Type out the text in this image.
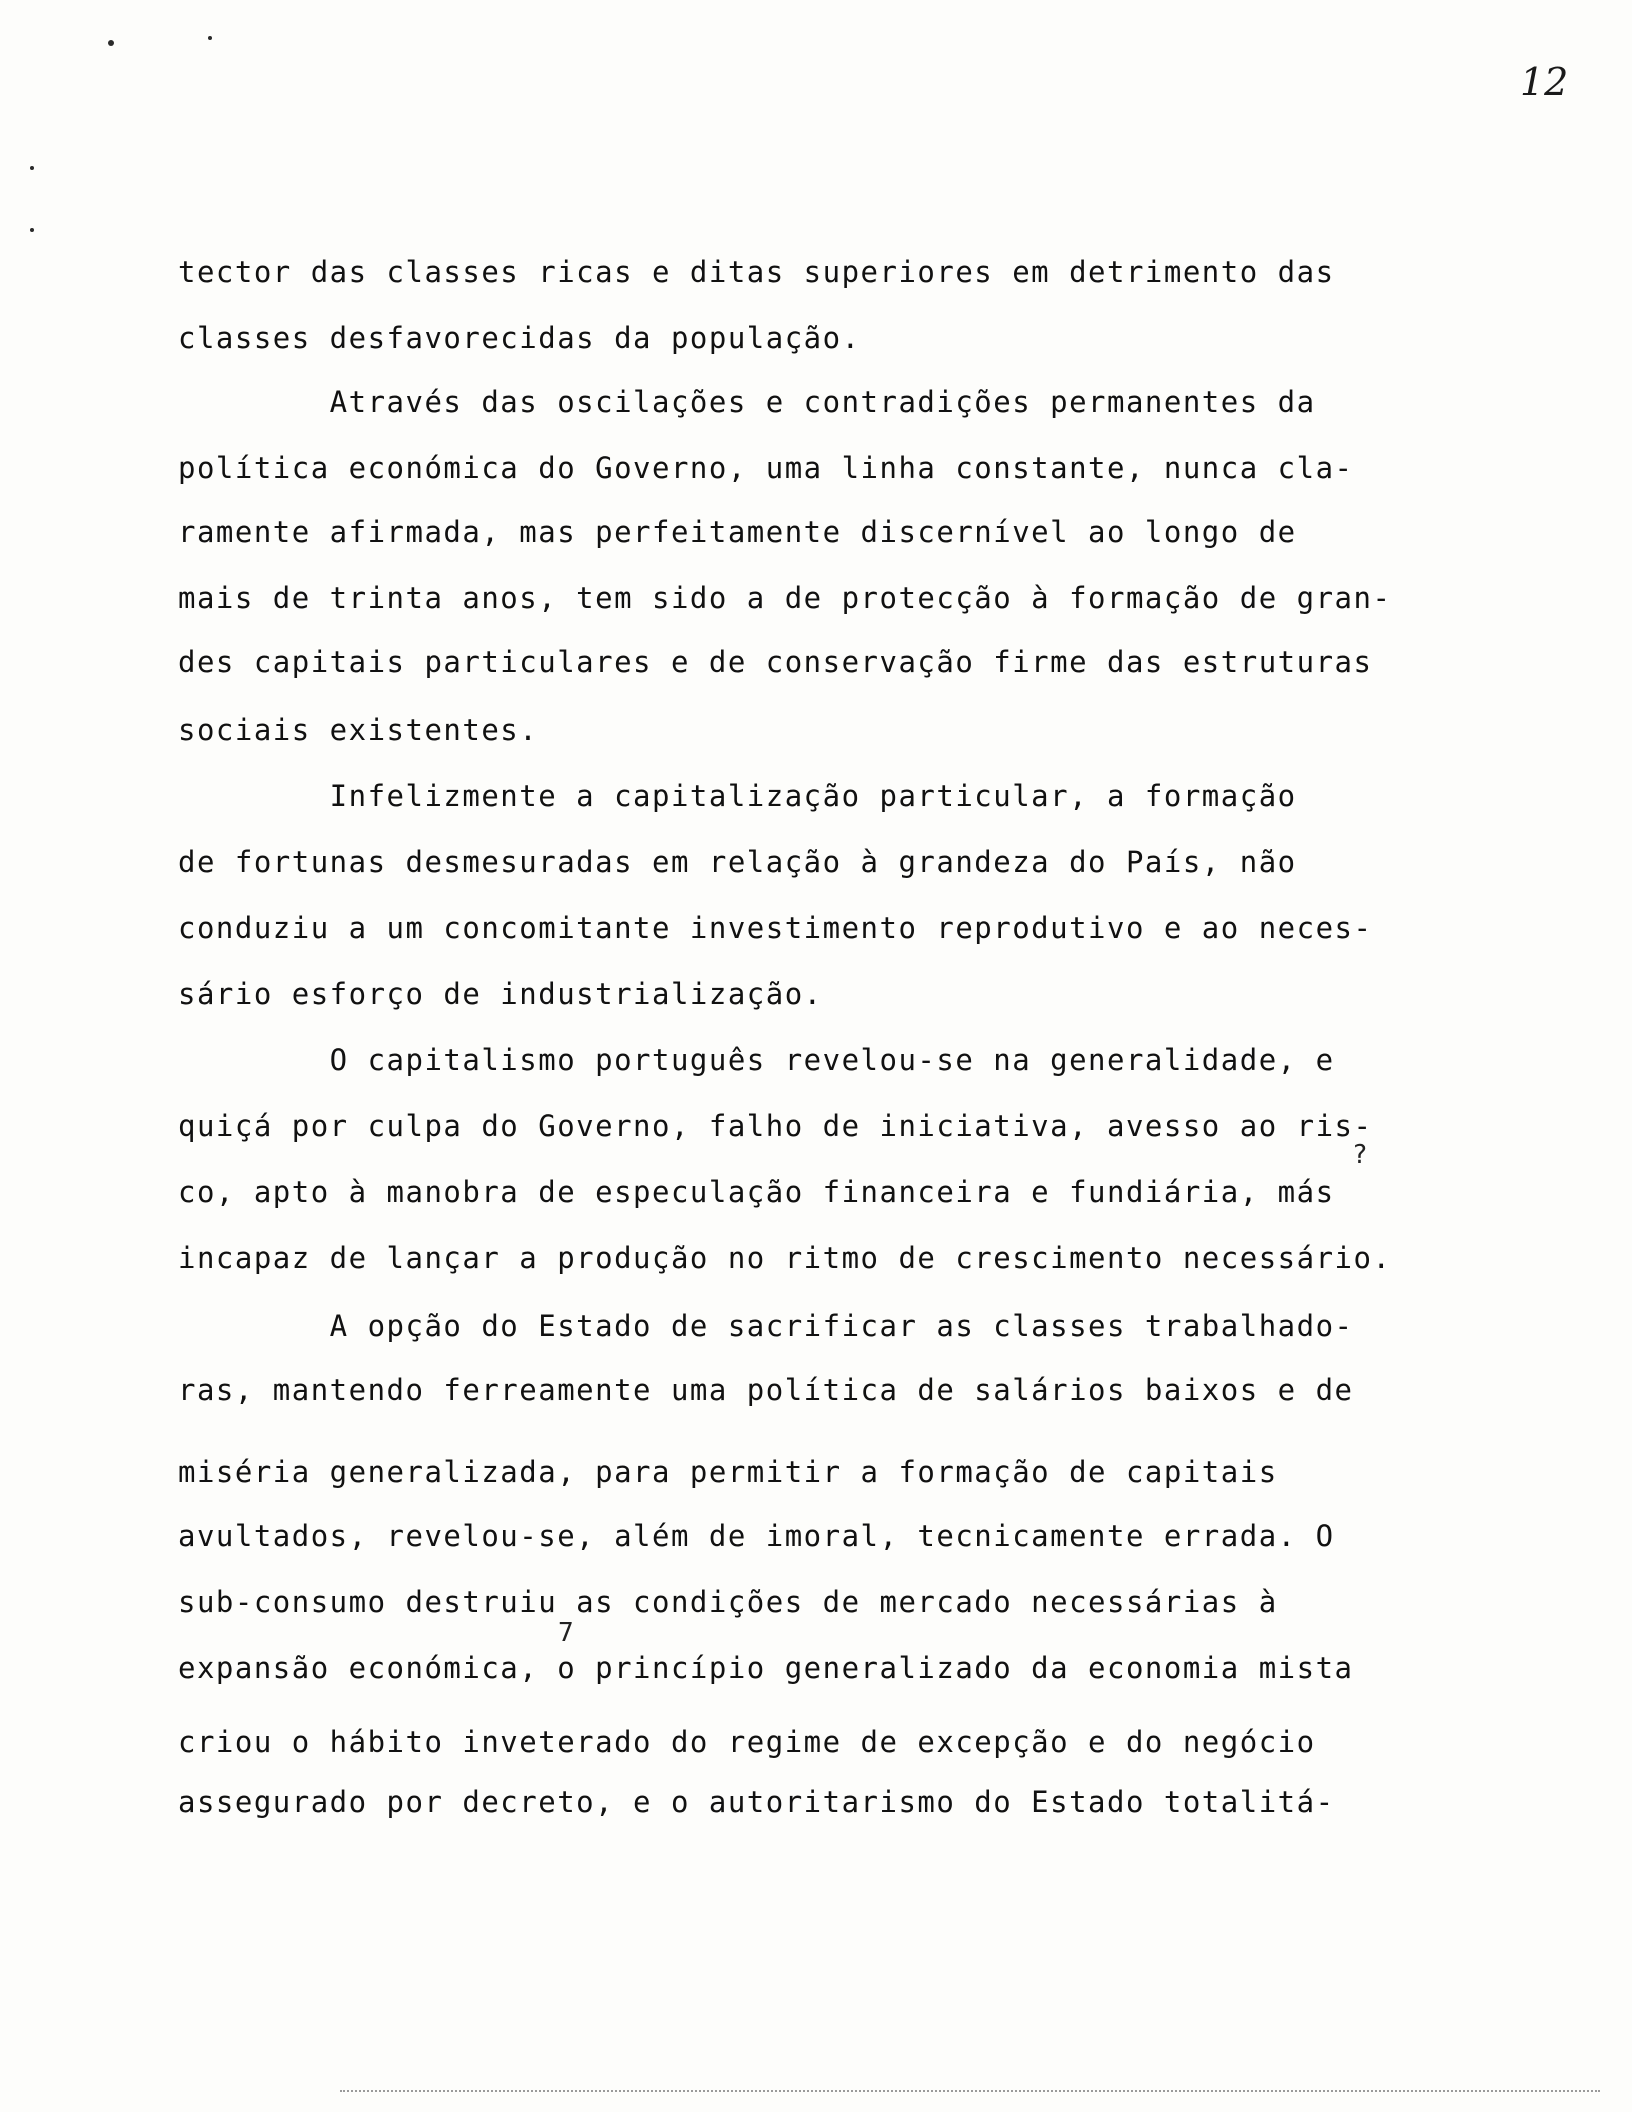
12

tector das classes ricas e ditas superiores em detrimento das

classes desfavorecidas da população.

Através das oscilações e contradições permanentes da

política económica do Governo, uma linha constante, nunca cla-

ramente afirmada, mas perfeitamente discernível ao longo de

mais de trinta anos, tem sido a de protecção à formação de gran-

des capitais particulares e de conservação firme das estruturas

sociais existentes.

Infelizmente a capitalização particular, a formação

de fortunas desmesuradas em relação à grandeza do País, não

conduziu a um concomitante investimento reprodutivo e ao neces-

sário esforço de industrialização.

O capitalismo português revelou-se na generalidade, e

quiçá por culpa do Governo, falho de iniciativa, avesso ao ris-

co, apto à manobra de especulação financeira e fundiária, más

incapaz de lançar a produção no ritmo de crescimento necessário.

A opção do Estado de sacrificar as classes trabalhado-

ras, mantendo ferreamente uma política de salários baixos e de

miséria generalizada, para permitir a formação de capitais

avultados, revelou-se, além de imoral, tecnicamente errada. O

sub-consumo destruiu as condições de mercado necessárias à

expansão económica, o princípio generalizado da economia mista

criou o hábito inveterado do regime de excepção e do negócio

assegurado por decreto, e o autoritarismo do Estado totalitá-

?
7
